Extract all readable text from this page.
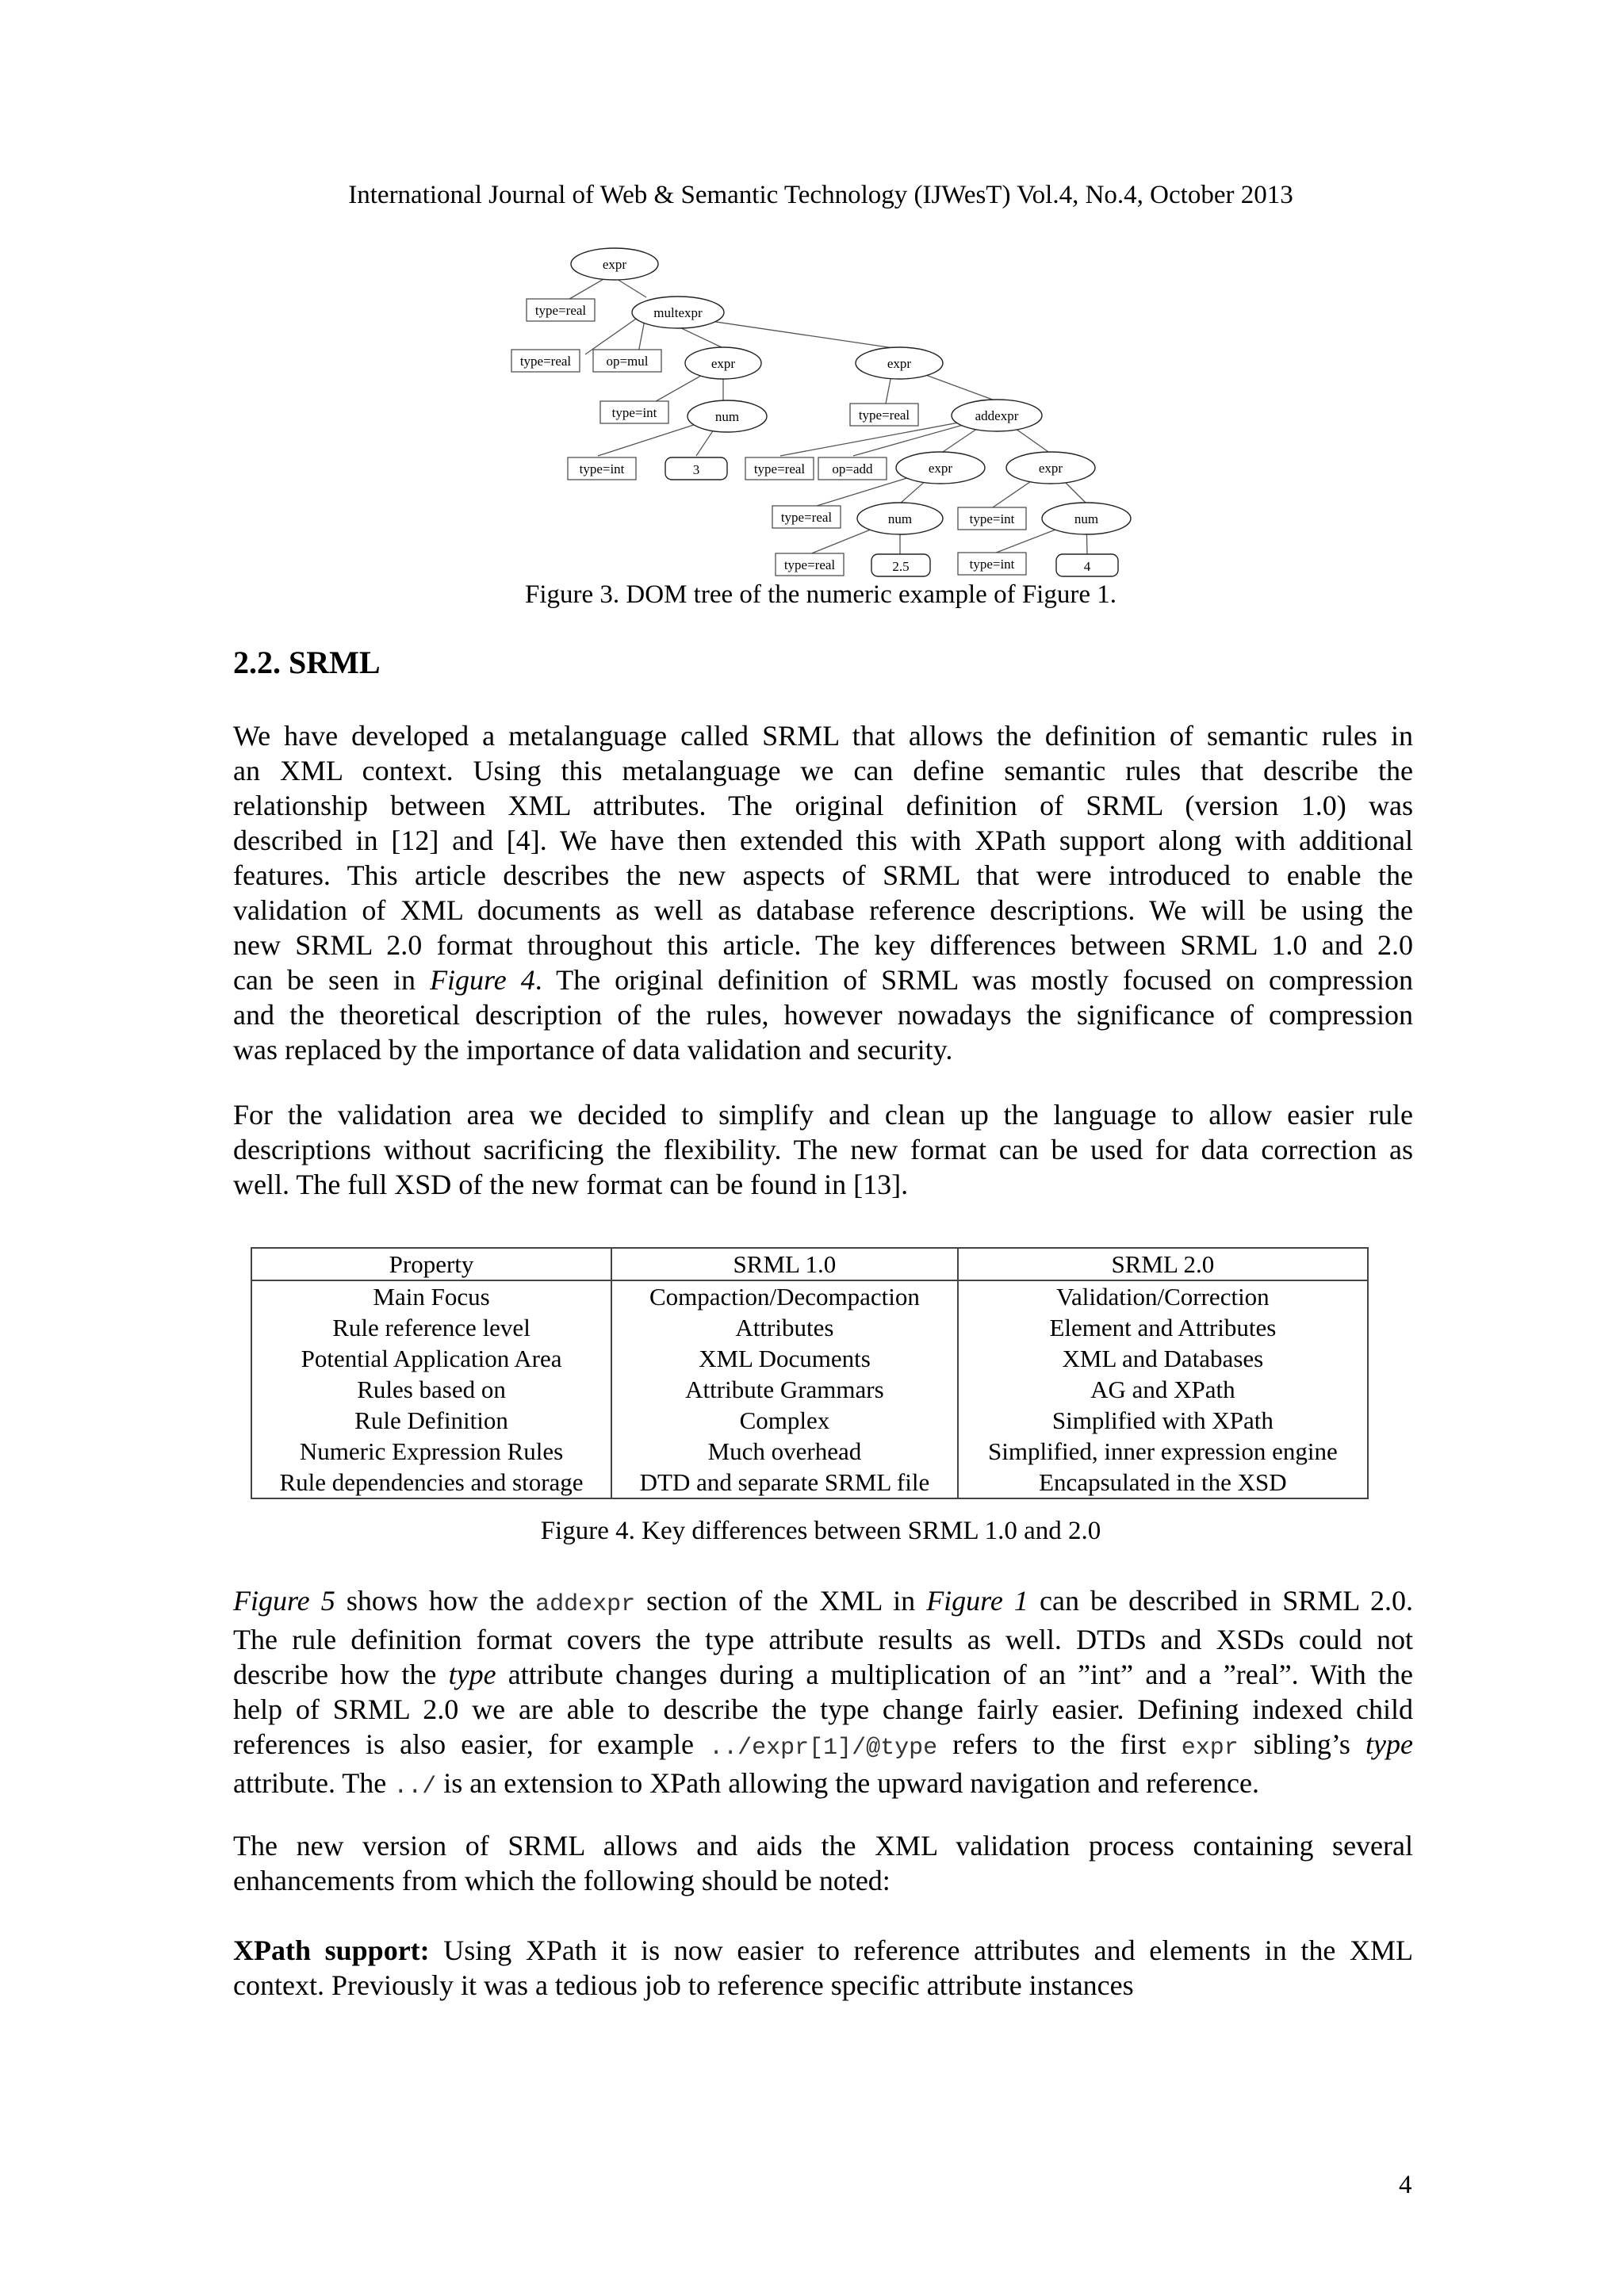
International Journal of Web & Semantic Technology (IJWesT) Vol.4, No.4, October 2013
expr
multexpr
expr	expr
num	addexpr
expr	expr
num	num
type=real
type=real	op=mul
type=int
type=int
type=real
type=real op=add
type=real	type=int
type=real	type=int
3
2.5	4
Figure 3. DOM tree of the numeric example of Figure 1.
2.2. SRML
We have developed a metalanguage called SRML that allows the definition of semantic rules in
an XML context. Using this metalanguage we can define semantic rules that describe the
relationship between XML attributes. The original definition of SRML (version 1.0) was
described in [12] and [4]. We have then extended this with XPath support along with additional
features. This article describes the new aspects of SRML that were introduced to enable the
validation of XML documents as well as database reference descriptions. We will be using the
new SRML 2.0 format throughout this article. The key differences between SRML 1.0 and 2.0
can be seen in Figure 4. The original definition of SRML was mostly focused on compression
and the theoretical description of the rules, however nowadays the significance of compression
was replaced by the importance of data validation and security.
For the validation area we decided to simplify and clean up the language to allow easier rule
descriptions without sacrificing the flexibility. The new format can be used for data correction as
well. The full XSD of the new format can be found in [13].
Property	SRML 1.0	SRML 2.0
Main Focus	Compaction/Decompaction	Validation/Correction
Rule reference level	Attributes	Element and Attributes
Potential Application Area	XML Documents	XML and Databases
Rules based on	Attribute Grammars	AG and XPath
Rule Definition	Complex	Simplified with XPath
Numeric Expression Rules	Much overhead	Simplified, inner expression engine
Rule dependencies and storage	DTD and separate SRML file	Encapsulated in the XSD
Figure 4. Key differences between SRML 1.0 and 2.0
Figure 5 shows how the addexpr section of the XML in Figure 1 can be described in SRML 2.0.
The rule definition format covers the type attribute results as well. DTDs and XSDs could not
describe how the type attribute changes during a multiplication of an ”int” and a ”real”. With the
help of SRML 2.0 we are able to describe the type change fairly easier. Defining indexed child
references is also easier, for example ../expr[1]/@type refers to the first expr sibling’s type
attribute. The ../ is an extension to XPath allowing the upward navigation and reference.
The new version of SRML allows and aids the XML validation process containing several
enhancements from which the following should be noted:
XPath support: Using XPath it is now easier to reference attributes and elements in the XML
context. Previously it was a tedious job to reference specific attribute instances
4
